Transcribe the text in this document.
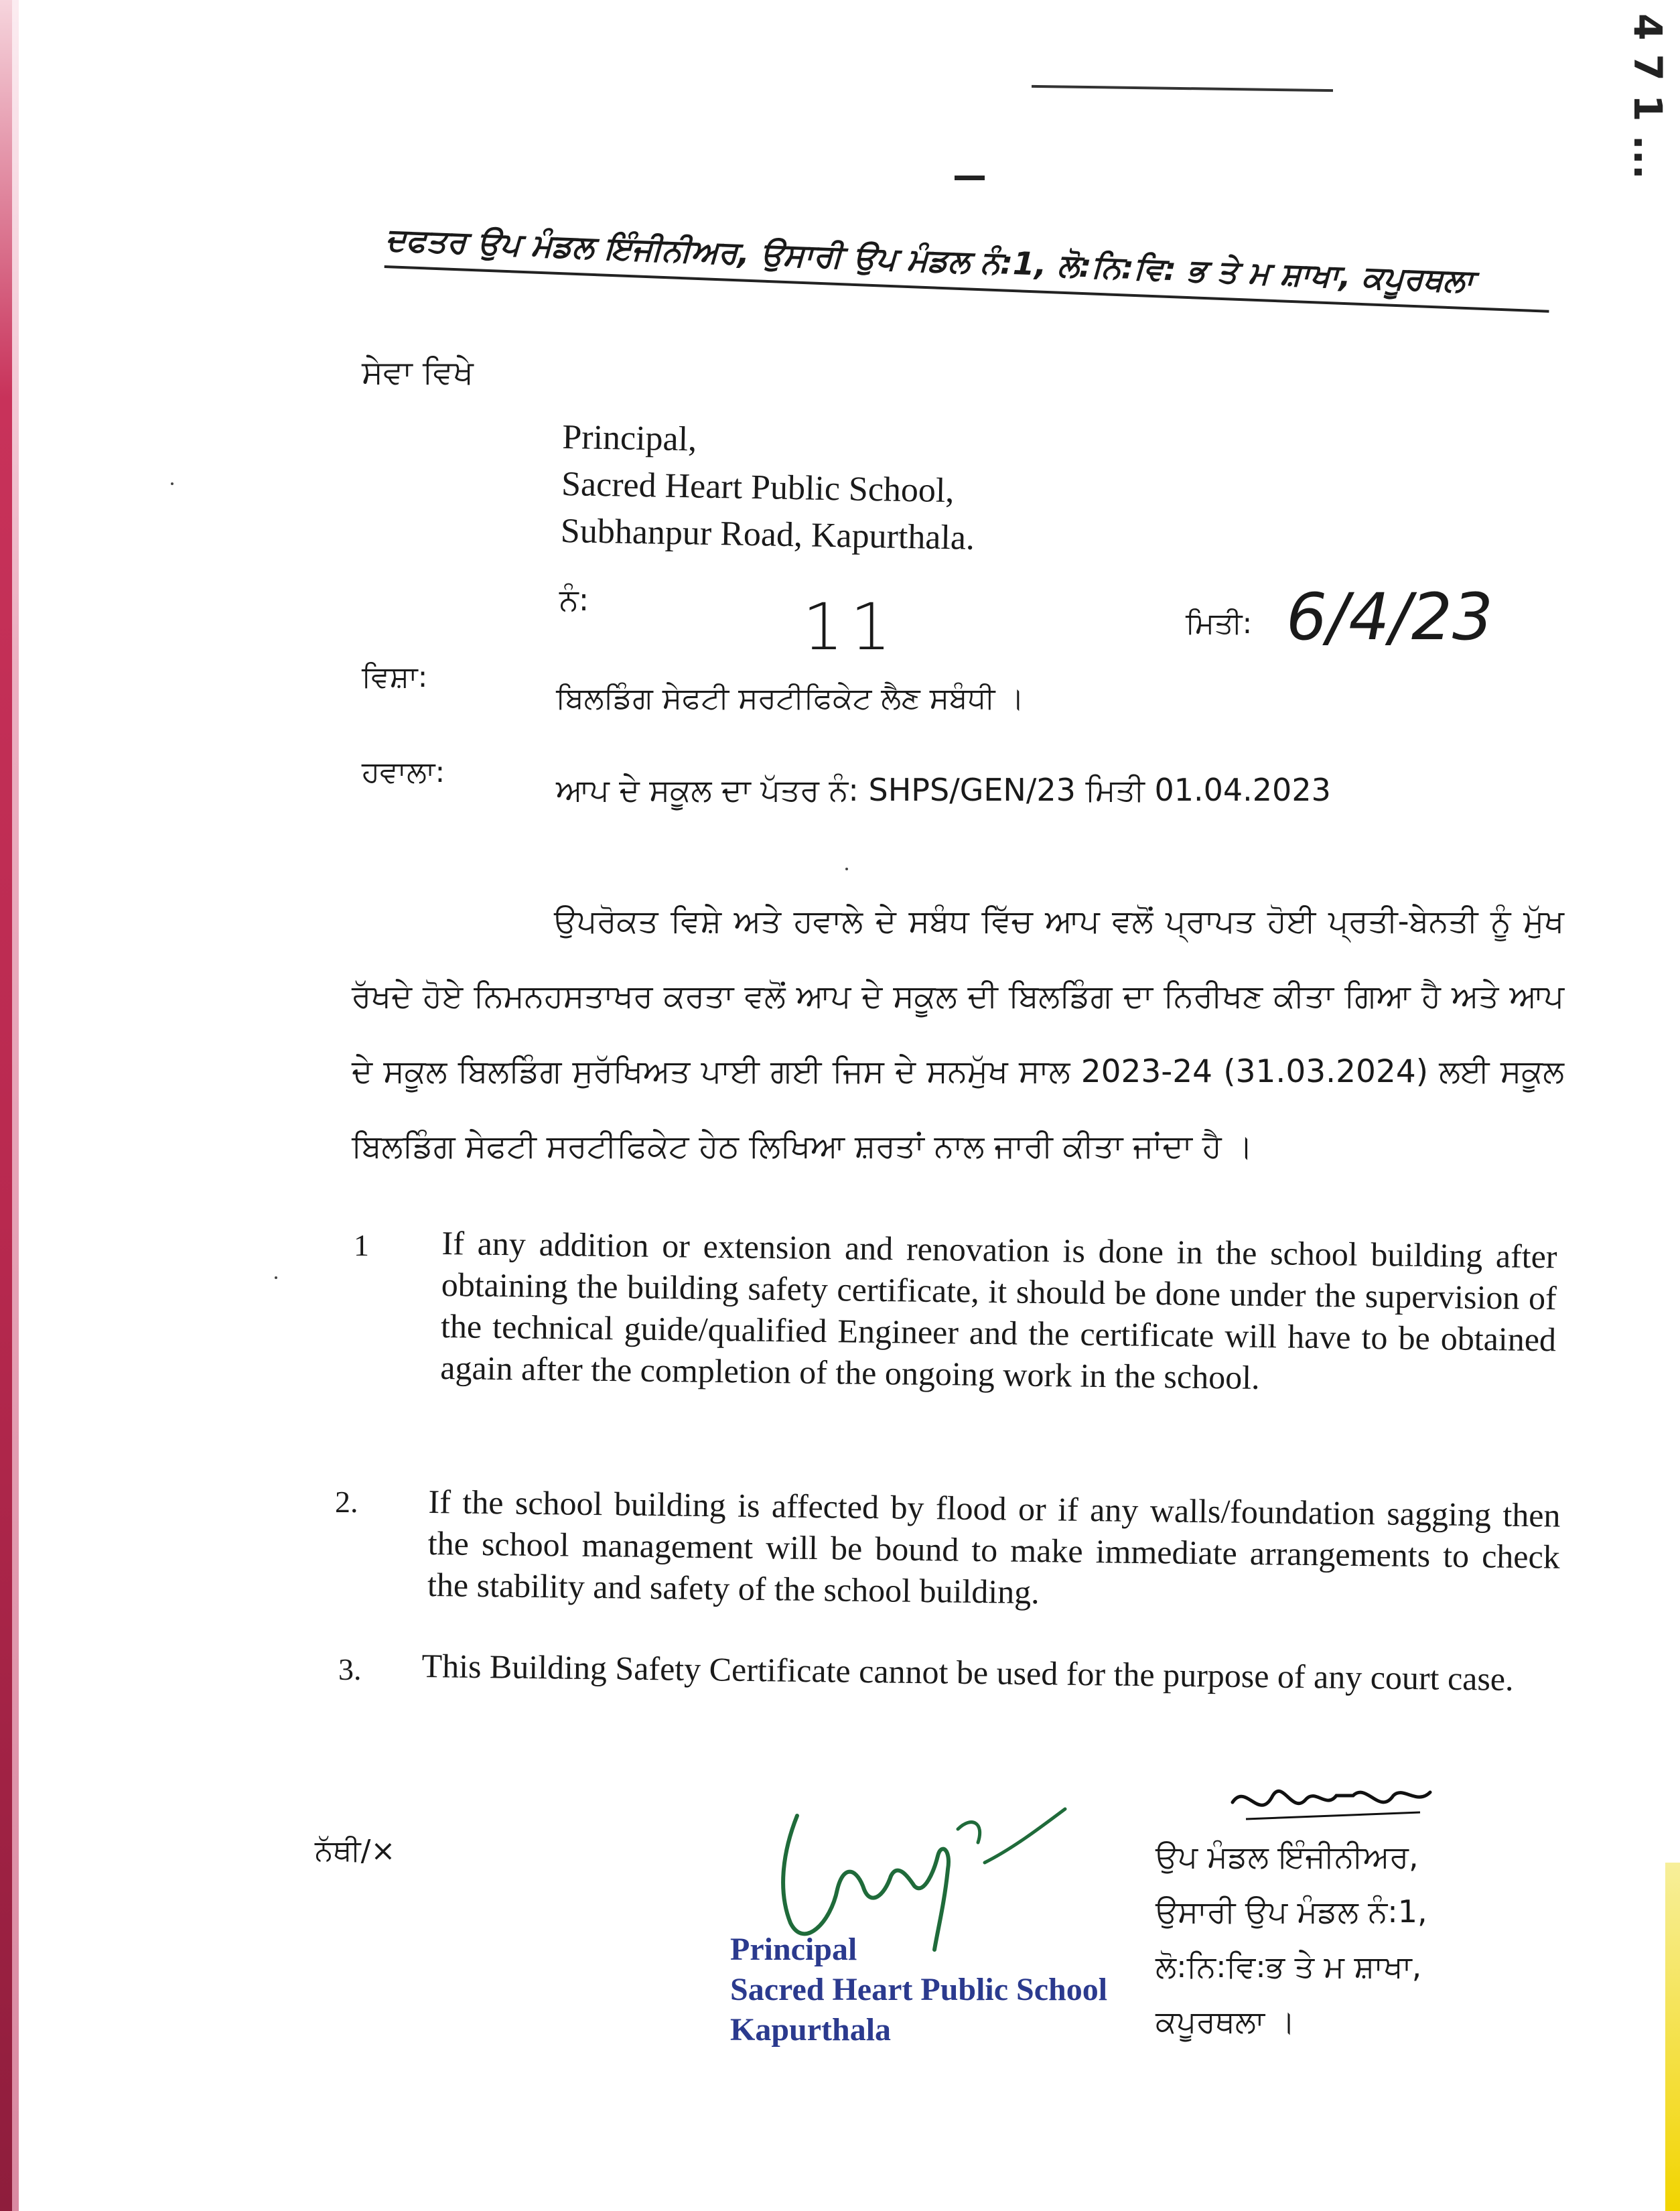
4 7 1 ...
ਦਫਤਰ ਉਪ ਮੰਡਲ ਇੰਜੀਨੀਅਰ, ਉਸਾਰੀ ਉਪ ਮੰਡਲ ਨੰ:1, ਲੋ:ਨਿ:ਵਿ: ਭ ਤੇ ਮ ਸ਼ਾਖਾ, ਕਪੂਰਥਲਾ
ਸੇਵਾ ਵਿਖੇ
Principal,
Sacred Heart Public School,
Subhanpur Road, Kapurthala.
ਨੰ:	11	ਮਿਤੀ: 6/4/23
ਵਿਸ਼ਾ:
ਬਿਲਡਿੰਗ ਸੇਫਟੀ ਸਰਟੀਫਿਕੇਟ ਲੈਣ ਸਬੰਧੀ ।
ਹਵਾਲਾ:	ਆਪ ਦੇ ਸਕੂਲ ਦਾ ਪੱਤਰ ਨੰ: SHPS/GEN/23 ਮਿਤੀ 01.04.2023
ਉਪਰੋਕਤ ਵਿਸ਼ੇ ਅਤੇ ਹਵਾਲੇ ਦੇ ਸਬੰਧ ਵਿੱਚ ਆਪ ਵਲੋਂ ਪ੍ਰਾਪਤ ਹੋਈ ਪ੍ਰਤੀ-ਬੇਨਤੀ ਨੂੰ ਮੁੱਖ ਰੱਖਦੇ ਹੋਏ ਨਿਮਨਹਸਤਾਖਰ ਕਰਤਾ ਵਲੋਂ ਆਪ ਦੇ ਸਕੂਲ ਦੀ ਬਿਲਡਿੰਗ ਦਾ ਨਿਰੀਖਣ ਕੀਤਾ ਗਿਆ ਹੈ ਅਤੇ ਆਪ ਦੇ ਸਕੂਲ ਬਿਲਡਿੰਗ ਸੁਰੱਖਿਅਤ ਪਾਈ ਗਈ ਜਿਸ ਦੇ ਸਨਮੁੱਖ ਸਾਲ 2023-24 (31.03.2024) ਲਈ ਸਕੂਲ ਬਿਲਡਿੰਗ ਸੇਫਟੀ ਸਰਟੀਫਿਕੇਟ ਹੇਠ ਲਿਖਿਆ ਸ਼ਰਤਾਂ ਨਾਲ ਜਾਰੀ ਕੀਤਾ ਜਾਂਦਾ ਹੈ ।
1 If any addition or extension and renovation is done in the school building after obtaining the building safety certificate, it should be done under the supervision of the technical guide/qualified Engineer and the certificate will have to be obtained again after the completion of the ongoing work in the school.
2. If the school building is affected by flood or if any walls/foundation sagging then the school management will be bound to make immediate arrangements to check the stability and safety of the school building.
3. This Building Safety Certificate cannot be used for the purpose of any court case.
ਨੱਥੀ/×
Principal
Sacred Heart Public School
Kapurthala
ਉਪ ਮੰਡਲ ਇੰਜੀਨੀਅਰ,
ਉਸਾਰੀ ਉਪ ਮੰਡਲ ਨੰ:1,
ਲੋ:ਨਿ:ਵਿ:ਭ ਤੇ ਮ ਸ਼ਾਖਾ,
ਕਪੂਰਥਲਾ ।
